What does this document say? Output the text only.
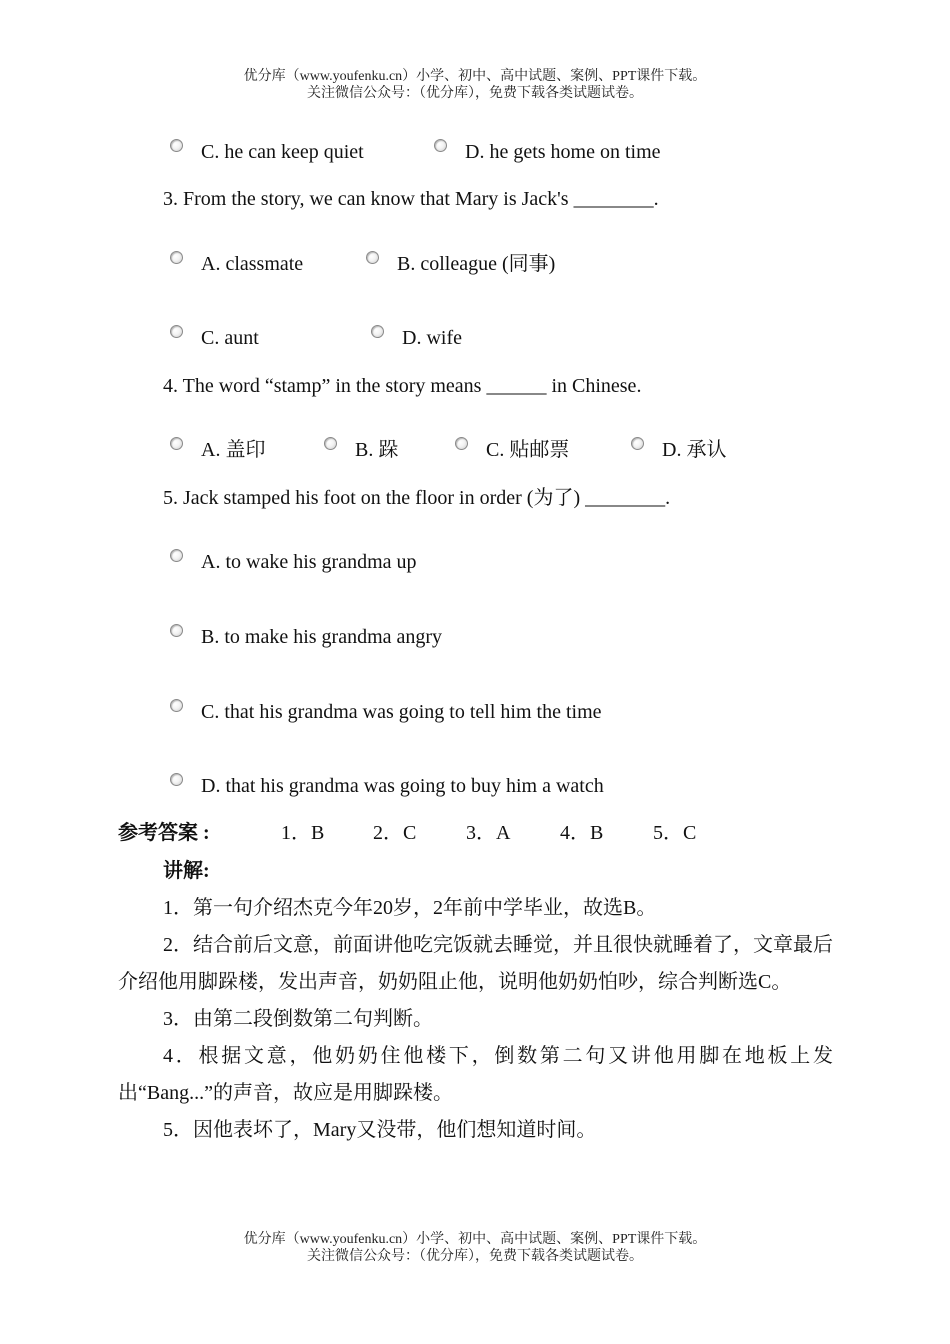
优分库（www.youfenku.cn）小学、初中、高中试题、案例、PPT课件下载。
关注微信公众号：（优分库），免费下载各类试题试卷。
C. he can keep quiet	D. he gets home on time
3. From the story, we can know that Mary is Jack's ________.
A. classmate	B. colleague (同事)
C. aunt	D. wife
4. The word “stamp” in the story means ______ in Chinese.
A. 盖印	B. 跺	C. 贴邮票	D. 承认
5. Jack stamped his foot on the floor in order (为了) ________.
A. to wake his grandma up
B. to make his grandma angry
C. that his grandma was going to tell him the time
D. that his grandma was going to buy him a watch
参考答案 :	1．B 2．C 3．A 4．B 5．C

讲解:

1．第一句介绍杰克今年20岁，2年前中学毕业，故选B。

2．结合前后文意，前面讲他吃完饭就去睡觉，并且很快就睡着了，文章最后介绍他用脚跺楼，发出声音，奶奶阻止他，说明他奶奶怕吵，综合判断选C。

3．由第二段倒数第二句判断。

4．根据文意，他奶奶住他楼下，倒数第二句又讲他用脚在地板上发出“Bang...”的声音，故应是用脚跺楼。

5．因他表坏了，Mary又没带，他们想知道时间。

优分库（www.youfenku.cn）小学、初中、高中试题、案例、PPT课件下载。
关注微信公众号：（优分库），免费下载各类试题试卷。
